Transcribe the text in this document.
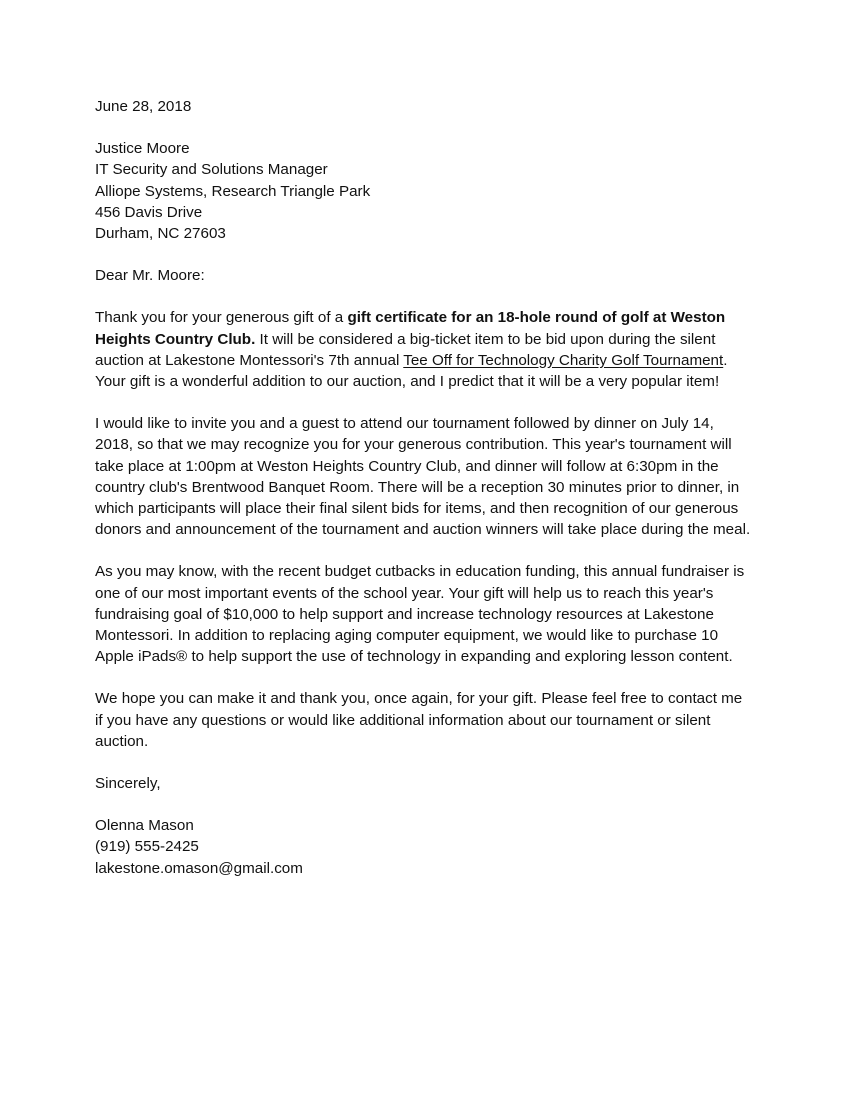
June 28, 2018
Justice Moore
IT Security and Solutions Manager
Alliope Systems, Research Triangle Park
456 Davis Drive
Durham, NC 27603
Dear Mr. Moore:

Thank you for your generous gift of a gift certificate for an 18-hole round of golf at Weston Heights Country Club. It will be considered a big-ticket item to be bid upon during the silent auction at Lakestone Montessori's 7th annual Tee Off for Technology Charity Golf Tournament. Your gift is a wonderful addition to our auction, and I predict that it will be a very popular item!

I would like to invite you and a guest to attend our tournament followed by dinner on July 14, 2018, so that we may recognize you for your generous contribution. This year's tournament will take place at 1:00pm at Weston Heights Country Club, and dinner will follow at 6:30pm in the country club's Brentwood Banquet Room. There will be a reception 30 minutes prior to dinner, in which participants will place their final silent bids for items, and then recognition of our generous donors and announcement of the tournament and auction winners will take place during the meal.

As you may know, with the recent budget cutbacks in education funding, this annual fundraiser is one of our most important events of the school year. Your gift will help us to reach this year's fundraising goal of $10,000 to help support and increase technology resources at Lakestone Montessori. In addition to replacing aging computer equipment, we would like to purchase 10 Apple iPads® to help support the use of technology in expanding and exploring lesson content.

We hope you can make it and thank you, once again, for your gift. Please feel free to contact me if you have any questions or would like additional information about our tournament or silent auction.

Sincerely,
Olenna Mason
(919) 555-2425
lakestone.omason@gmail.com
